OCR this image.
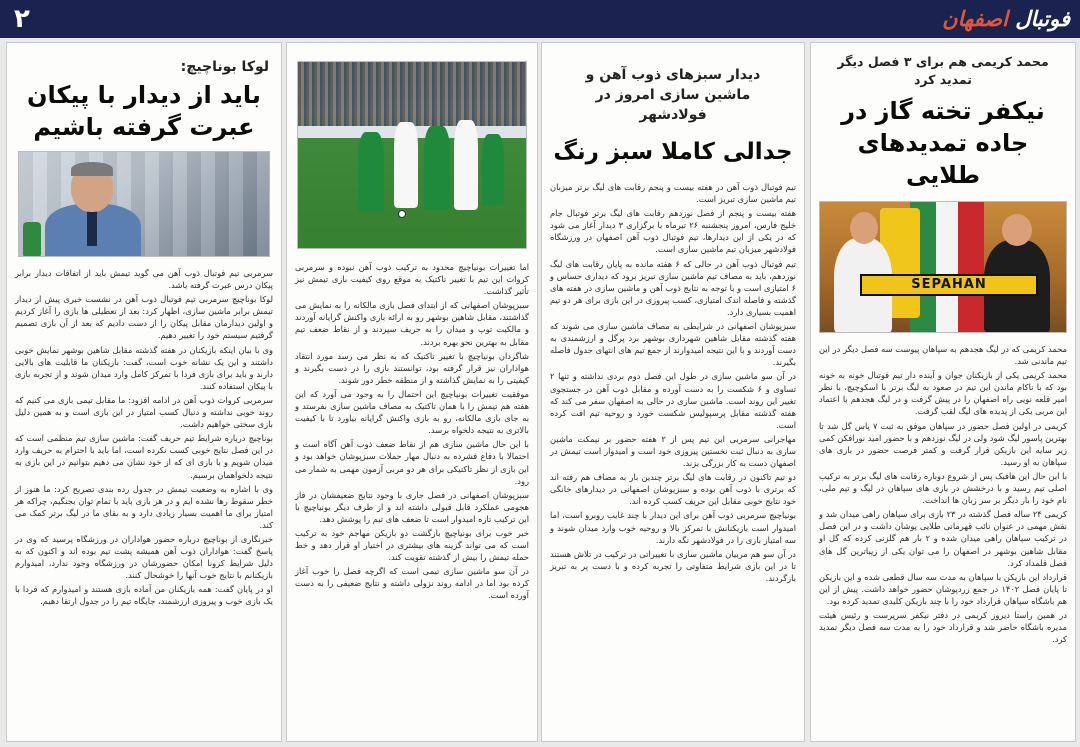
۲	فوتبال اصفهان
محمد کریمی هم برای ۳ فصل دیگر تمدید کرد
نیکفر تخته گاز در جاده تمدیدهای طلایی
SEPAHAN

محمد کریمی که در لیگ هجدهم به سپاهان پیوست سه فصل دیگر در این تیم ماندنی شد.

محمد کریمی یکی از بازیکنان جوان و آینده دار تیم فوتبال خونه به خونه بود که با ناکام ماندن این تیم در صعود به لیگ برتر با اسکوچیچ، با نظر امیر قلعه نویی راه اصفهان را در پیش گرفت و در لیگ هجدهم با اعتماد این مربی یکی از پدیده های لیگ لقب گرفت.

کریمی در اولین فصل حضور در سپاهان موفق به ثبت ۷ پاس گل شد تا بهترین پاسور لیگ شود ولی در لیگ نوزدهم و با حضور امید نورافکن کمی زیر سایه این بازیکن قرار گرفت و کمتر فرصت حضور در بازی های سپاهان به او رسید.

با این حال این هافبک پس از شروع دوباره رقابت های لیگ برتر به ترکیب اصلی تیم رسید و با درخشش در بازی های سپاهان در لیگ و تیم ملی، نام خود را بار دیگر بر سر زبان ها انداخت.

کریمی ۲۴ ساله فصل گذشته در ۲۳ بازی برای سپاهان راهی میدان شد و نقش مهمی در عنوان نائب قهرمانی طلایی پوشان داشت و در این فصل در ترکیب سپاهان راهی میدان شده و ۲ بار هم گلزنی کرده که گل او مقابل شاهین بوشهر در اصفهان را می توان یکی از زیباترین گل های فصل قلمداد کرد.

قرارداد این بازیکن با سپاهان به مدت سه سال قطعی شده و این بازیکن تا پایان فصل ۱۴۰۲ در جمع زردپوشان حضور خواهد داشت. پیش از این هم باشگاه سپاهان قرارداد خود را با چند بازیکن کلیدی تمدید کرده بود.

در همین راستا دیروز کریمی در دفتر نیکفر سرپرست و رئیس هیئت مدیره باشگاه حاضر شد و قرارداد خود را به مدت سه فصل دیگر تمدید کرد.

دیدار سبزهای ذوب آهن و ماشین سازی امروز در فولادشهر
جدالی کاملا سبز رنگ

تیم فوتبال ذوب آهن در هفته بیست و پنجم رقابت های لیگ برتر میزبان تیم ماشین سازی تبریز است.

هفته بیست و پنجم از فصل نوزدهم رقابت های لیگ برتر فوتبال جام خلیج فارس، امروز پنجشنبه ۲۶ تیرماه با برگزاری ۳ دیدار آغاز می شود که در یکی از این دیدارها، تیم فوتبال ذوب آهن اصفهان در ورزشگاه فولادشهر میزبان تیم ماشین سازی است.

تیم فوتبال ذوب آهن در حالی که ۶ هفته مانده به پایان رقابت های لیگ نوزدهم، باید به مصاف تیم ماشین سازی تبریز برود که دیداری حساس و ۶ امتیازی است و با توجه به نتایج ذوب آهن و ماشین سازی در هفته های گذشته و فاصله اندک امتیازی، کسب پیروزی در این بازی برای هر دو تیم اهمیت بسیاری دارد.

سبزپوشان اصفهانی در شرایطی به مصاف ماشین سازی می شوند که هفته گذشته مقابل شاهین شهرداری بوشهر برد پرگل و ارزشمندی به دست آوردند و با این نتیجه امیدوارند از جمع تیم های انتهای جدول فاصله بگیرند.

در آن سو ماشین سازی در طول این فصل دوم بردی نداشته و تنها ۲ تساوی و ۶ شکست را به دست آورده و مقابل ذوب آهن در جستجوی تغییر این روند است. ماشین سازی در حالی به اصفهان سفر می کند که هفته گذشته مقابل پرسپولیس شکست خورد و روحیه تیم افت کرده است.

مهاجرانی سرمربی این تیم پس از ۲ هفته حضور بر نیمکت ماشین سازی به دنبال ثبت نخستین پیروزی خود است و امیدوار است تیمش در اصفهان دست به کار بزرگی بزند.

دو تیم تاکنون در رقابت های لیگ برتر چندین بار به مصاف هم رفته اند که برتری با ذوب آهن بوده و سبزپوشان اصفهانی در دیدارهای خانگی خود نتایج خوبی مقابل این حریف کسب کرده اند.

بونیاچیچ سرمربی ذوب آهن برای این دیدار با چند غایب روبرو است، اما امیدوار است بازیکنانش با تمرکز بالا و روحیه خوب وارد میدان شوند و سه امتیاز بازی را در فولادشهر نگه دارند.

در آن سو هم مربیان ماشین سازی با تغییراتی در ترکیب در تلاش هستند تا در این بازی شرایط متفاوتی را تجربه کرده و با دست پر به تبریز بازگردند.

اما تغییرات بونیاچیچ محدود به ترکیب ذوب آهن نبوده و سرمربی کروات این تیم با تغییر تاکتیک به موقع روی کیفیت بازی تیمش نیز تأثیر گذاشت.

سبزپوشان اصفهانی که از ابتدای فصل بازی مالکانه را به نمایش می گذاشتند، مقابل شاهین بوشهر رو به ارائه بازی واکنش گرایانه آوردند و مالکیت توپ و میدان را به حریف سپردند و از نقاط ضعف تیم مقابل به بهترین نحو بهره بردند.

شاگردان بونیاچیچ با تغییر تاکتیک که به نظر می رسد مورد انتقاد هواداران نیز قرار گرفته بود، توانستند بازی را در دست بگیرند و کیفیتی را به نمایش گذاشته و از منطقه خطر دور شوند.

موفقیت تغییرات بونیاچیچ این احتمال را به وجود می آورد که این هفته هم تیمش را با همان تاکتیک به مصاف ماشین سازی بفرستد و به جای بازی مالکانه، رو به بازی واکنش گرایانه بیاورد تا با کیفیت بالاتری به نتیجه دلخواه برسد.

با این حال ماشین سازی هم از نقاط ضعف ذوب آهن آگاه است و احتمالا با دفاع فشرده به دنبال مهار حملات سبزپوشان خواهد بود و این بازی از نظر تاکتیکی برای هر دو مربی آزمون مهمی به شمار می رود.

سبزپوشان اصفهانی در فصل جاری با وجود نتایج ضعیفشان در فاز هجومی عملکرد قابل قبولی داشته اند و از طرف دیگر بونیاچیچ با این ترکیب تازه امیدوار است تا ضعف های تیم را پوشش دهد.

خبر خوب برای بونیاچیچ بازگشت دو بازیکن مهاجم خود به ترکیب است که می تواند گزینه های بیشتری در اختیار او قرار دهد و خط حمله تیمش را بیش از گذشته تقویت کند.

در آن سو ماشین سازی تیمی است که اگرچه فصل را خوب آغاز کرده بود اما در ادامه روند نزولی داشته و نتایج ضعیفی را به دست آورده است.

لوکا بوناچیچ:
باید از دیدار با پیکان عبرت گرفته باشیم

سرمربی تیم فوتبال ذوب آهن می گوید تیمش باید از اتفاقات دیدار برابر پیکان درس عبرت گرفته باشد.

لوکا بوناچیچ سرمربی تیم فوتبال ذوب آهن در نشست خبری پیش از دیدار تیمش برابر ماشین سازی، اظهار کرد: بعد از تعطیلی ها بازی را آغاز کردیم و اولین دیدارمان مقابل پیکان را از دست دادیم که بعد از آن بازی تصمیم گرفتیم سیستم خود را تغییر دهیم.

وی با بیان اینکه بازیکنان در هفته گذشته مقابل شاهین بوشهر نمایش خوبی داشتند و این یک نشانه خوب است، گفت: بازیکنان ما قابلیت های بالایی دارند و باید برای بازی فردا با تمرکز کامل وارد میدان شوند و از تجربه بازی با پیکان استفاده کنند.

سرمربی کروات ذوب آهن در ادامه افزود: ما مقابل تیمی بازی می کنیم که روند خوبی نداشته و دنبال کسب امتیاز در این بازی است و به همین دلیل بازی سختی خواهیم داشت.

بوناچیچ درباره شرایط تیم حریف گفت: ماشین سازی تیم منظمی است که در این فصل نتایج خوبی کسب نکرده است، اما باید با احترام به حریف وارد میدان شویم و با بازی ای که از خود نشان می دهیم بتوانیم در این بازی به نتیجه دلخواهمان برسیم.

وی با اشاره به وضعیت تیمش در جدول رده بندی تصریح کرد: ما هنوز از خطر سقوط رها نشده ایم و در هر بازی باید با تمام توان بجنگیم، چراکه هر امتیاز برای ما اهمیت بسیار زیادی دارد و به بقای ما در لیگ برتر کمک می کند.

خبرنگاری از بوناچیچ درباره حضور هواداران در ورزشگاه پرسید که وی در پاسخ گفت: هواداران ذوب آهن همیشه پشت تیم بوده اند و اکنون که به دلیل شرایط کرونا امکان حضورشان در ورزشگاه وجود ندارد، امیدوارم بازیکنانم با نتایج خوب آنها را خوشحال کنند.

او در پایان گفت: همه بازیکنان من آماده بازی هستند و امیدوارم که فردا با یک بازی خوب و پیروزی ارزشمند، جایگاه تیم را در جدول ارتقا دهیم.
